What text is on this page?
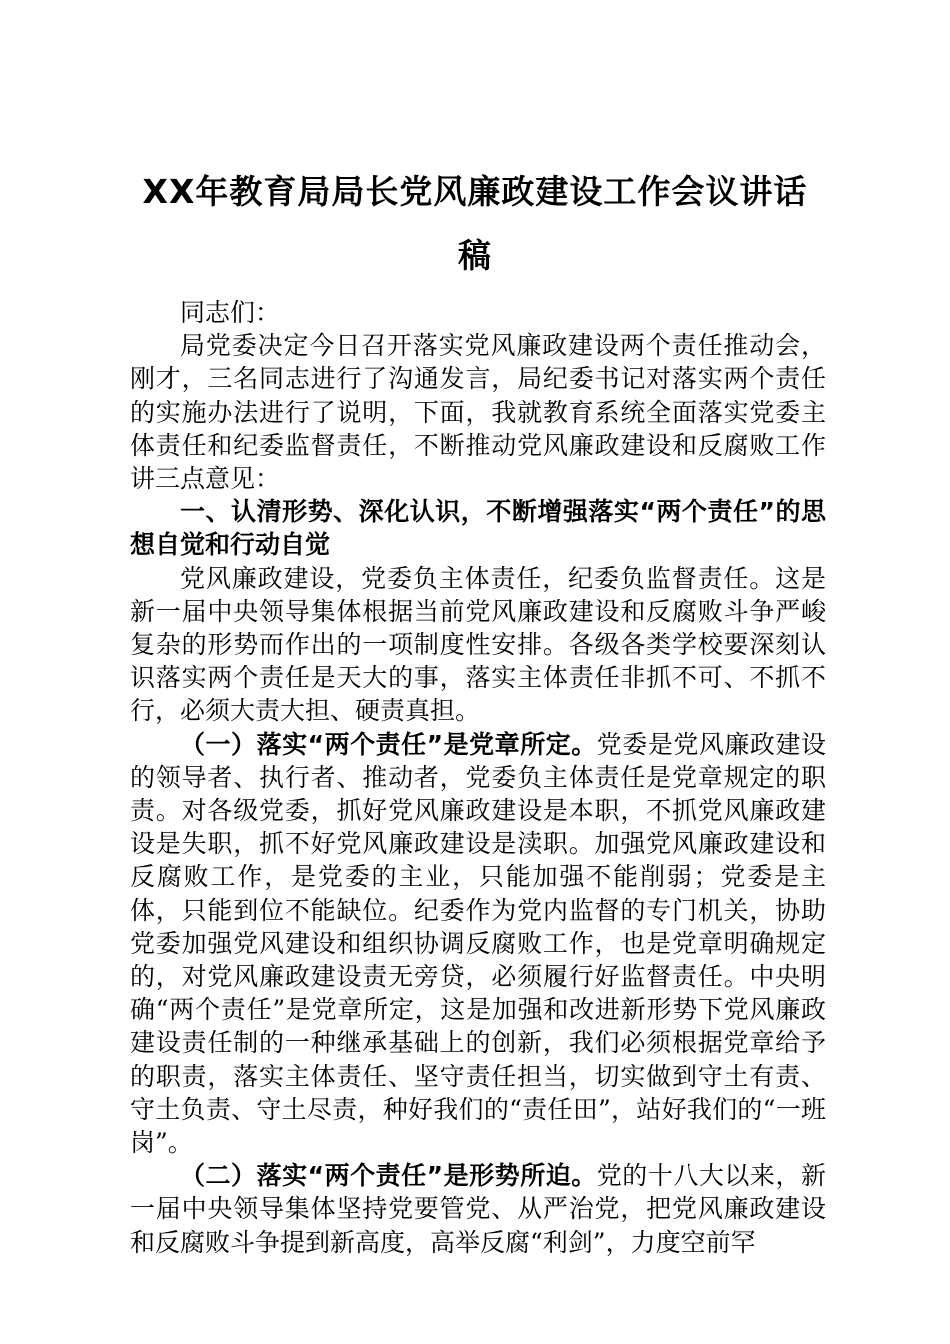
XX年教育局局长党风廉政建设工作会议讲话
稿

同志们：

局党委决定今日召开落实党风廉政建设两个责任推动会，刚才，三名同志进行了沟通发言，局纪委书记对落实两个责任的实施办法进行了说明，下面，我就教育系统全面落实党委主体责任和纪委监督责任，不断推动党风廉政建设和反腐败工作讲三点意见：

一、认清形势、深化认识，不断增强落实“两个责任”的思想自觉和行动自觉

党风廉政建设，党委负主体责任，纪委负监督责任。这是新一届中央领导集体根据当前党风廉政建设和反腐败斗争严峻复杂的形势而作出的一项制度性安排。各级各类学校要深刻认识落实两个责任是天大的事，落实主体责任非抓不可、不抓不行，必须大责大担、硬责真担。

（一）落实“两个责任”是党章所定。党委是党风廉政建设的领导者、执行者、推动者，党委负主体责任是党章规定的职责。对各级党委，抓好党风廉政建设是本职，不抓党风廉政建设是失职，抓不好党风廉政建设是渎职。加强党风廉政建设和反腐败工作，是党委的主业，只能加强不能削弱；党委是主体，只能到位不能缺位。纪委作为党内监督的专门机关，协助党委加强党风建设和组织协调反腐败工作，也是党章明确规定的，对党风廉政建设责无旁贷，必须履行好监督责任。中央明确“两个责任”是党章所定，这是加强和改进新形势下党风廉政建设责任制的一种继承基础上的创新，我们必须根据党章给予的职责，落实主体责任、坚守责任担当，切实做到守土有责、守土负责、守土尽责，种好我们的“责任田”，站好我们的“一班岗”。

（二）落实“两个责任”是形势所迫。党的十八大以来，新一届中央领导集体坚持党要管党、从严治党，把党风廉政建设和反腐败斗争提到新高度，高举反腐“利剑”，力度空前罕
